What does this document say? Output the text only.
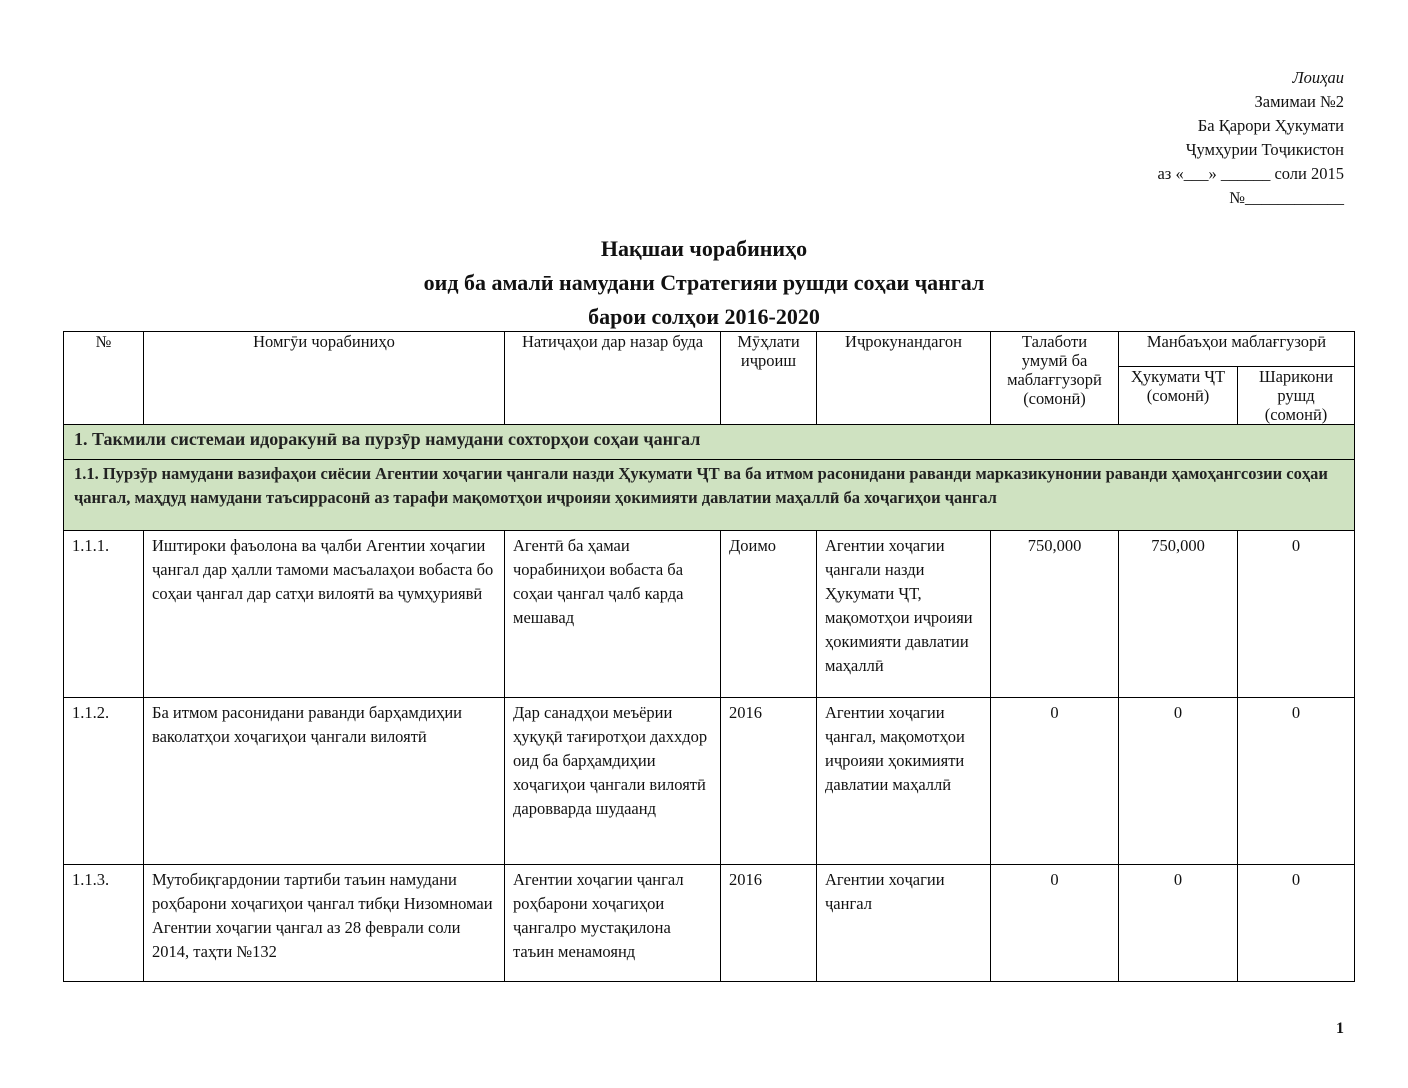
Лоиҳаи
Замимаи №2
Ба Қарори Ҳукумати
Ҷумҳурии Тоҷикистон
аз «___» ______ соли 2015
№____________
Нақшаи чорабиниҳо
оид ба амалӣ намудани Стратегияи рушди соҳаи ҷангал
барои солҳои 2016-2020
№	Номгӯи чорабиниҳо	Натиҷаҳои дар назар буда	Мӯҳлати иҷроиш	Иҷрокунандагон	Талаботи умумӣ ба маблағгузорӣ (сомонӣ)	Манбаъҳои маблағгузорӣ	
						Ҳукумати ҶТ (сомонӣ)	Шарикони рушд (сомонӣ)
1. Такмили системаи идоракунӣ ва пурзӯр намудани сохторҳои соҳаи ҷангал							
1.1. Пурзӯр намудани вазифаҳои сиёсии Агентии хоҷагии ҷангали назди Ҳукумати ҶТ ва ба итмом расонидани раванди марказикунонии раванди ҳамоҳангсозии соҳаи ҷангал, маҳдуд намудани таъсиррасонӣ аз тарафи мақомотҳои иҷроияи ҳокимияти давлатии маҳаллӣ ба хоҷагиҳои ҷангал							
1.1.1.	Иштироки фаъолона ва ҷалби Агентии хоҷагии ҷангал дар ҳалли тамоми масъалаҳои вобаста бо соҳаи ҷангал дар сатҳи вилоятӣ ва ҷумҳуриявӣ	Агентӣ ба ҳамаи чорабиниҳои вобаста ба соҳаи ҷангал ҷалб карда мешавад	Доимо	Агентии хоҷагии ҷангали назди Ҳукумати ҶТ, мақомотҳои иҷроияи ҳокимияти давлатии маҳаллӣ	750,000	750,000	0
1.1.2.	Ба итмом расонидани раванди барҳамдиҳии ваколатҳои хоҷагиҳои ҷангали вилоятӣ	Дар санадҳои меъёрии ҳуқуқӣ тағиротҳои даххдор оид ба барҳамдиҳии хоҷагиҳои ҷангали вилоятӣ даровварда шудаанд	2016	Агентии хоҷагии ҷангал, мақомотҳои иҷроияи ҳокимияти давлатии маҳаллӣ	0	0	0
1.1.3.	Мутобиқгардонии тартиби таъин намудани роҳбарони хоҷагиҳои ҷангал тибқи Низомномаи Агентии хоҷагии ҷангал аз 28 феврали соли 2014, таҳти №132	Агентии хоҷагии ҷангал роҳбарони хоҷагиҳои ҷангалро мустақилона таъин менамоянд	2016	Агентии хоҷагии ҷангал	0	0	0
1
